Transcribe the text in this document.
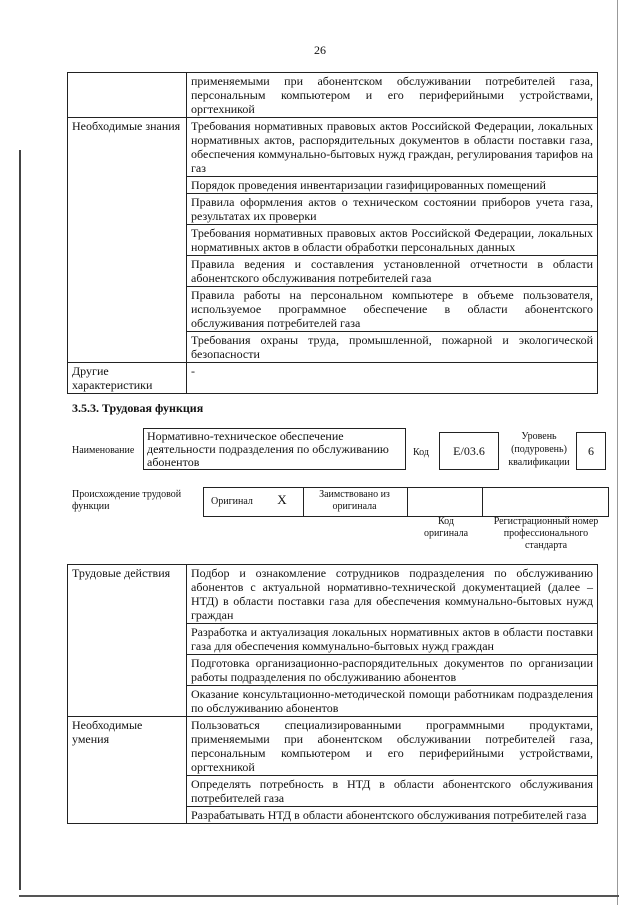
26
	применяемыми при абонентском обслуживании потребителей газа, персональным компьютером и его периферийными устройствами, оргтехникой
Необходимые знания	Требования нормативных правовых актов Российской Федерации, локальных нормативных актов, распорядительных документов в области поставки газа, обеспечения коммунально-бытовых нужд граждан, регулирования тарифов на газ
	Порядок проведения инвентаризации газифицированных помещений
	Правила оформления актов о техническом состоянии приборов учета газа, результатах их проверки
	Требования нормативных правовых актов Российской Федерации, локальных нормативных актов в области обработки персональных данных
	Правила ведения и составления установленной отчетности в области абонентского обслуживания потребителей газа
	Правила работы на персональном компьютере в объеме пользователя, используемое программное обеспечение в области абонентского обслуживания потребителей газа
	Требования охраны труда, промышленной, пожарной и экологической безопасности
Другие характеристики	-
3.5.3. Трудовая функция
Наименование
Нормативно-техническое обеспечение деятельности подразделения по обслуживанию абонентов
Код	E/03.6
Уровень (подуровень) квалификации
6
Происхождение трудовой функции	Оригинал	X	Заимствовано из оригинала
Код оригинала
Регистрационный номер профессионального стандарта
Трудовые действия	Подбор и ознакомление сотрудников подразделения по обслуживанию абонентов с актуальной нормативно-технической документацией (далее – НТД) в области поставки газа для обеспечения коммунально-бытовых нужд граждан
	Разработка и актуализация локальных нормативных актов в области поставки газа для обеспечения коммунально-бытовых нужд граждан
	Подготовка организационно-распорядительных документов по организации работы подразделения по обслуживанию абонентов
	Оказание консультационно-методической помощи работникам подразделения по обслуживанию абонентов
Необходимые умения	Пользоваться специализированными программными продуктами, применяемыми при абонентском обслуживании потребителей газа, персональным компьютером и его периферийными устройствами, оргтехникой
	Определять потребность в НТД в области абонентского обслуживания потребителей газа
	Разрабатывать НТД в области абонентского обслуживания потребителей газа
